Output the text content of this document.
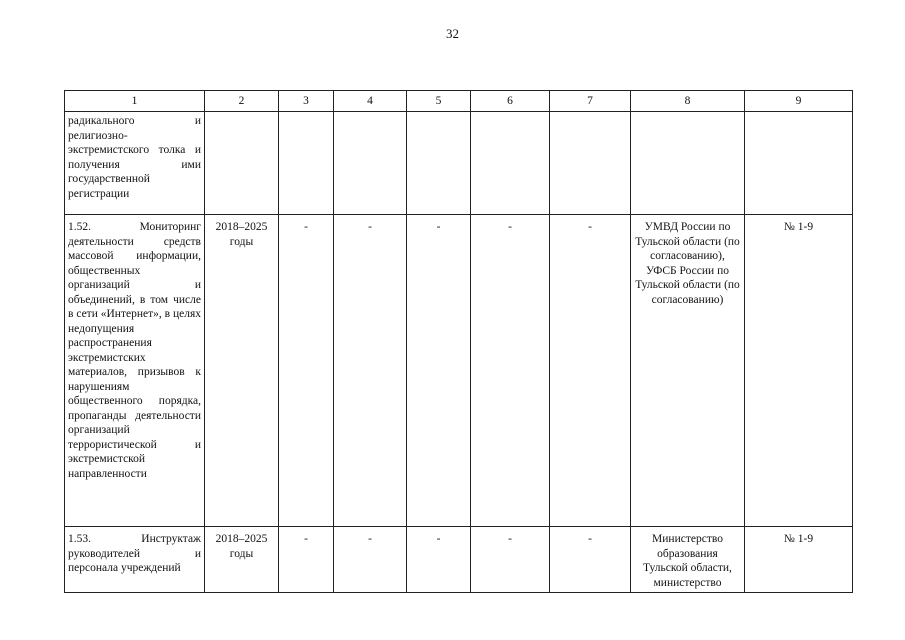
32
1	2	3	4	5	6	7	8	9
радикального и религиозно-экстремистского толка и получения ими государственной регистрации								
1.52. Мониторинг деятельности средств массовой информации, общественных организаций и объединений, в том числе в сети «Интернет», в целях недопущения распространения экстремистских материалов, призывов к нарушениям общественного порядка, пропаганды деятельности организаций террористической и экстремистской направленности	2018–2025 годы	-	-	-	-	-	УМВД России по Тульской области (по согласованию), УФСБ России по Тульской области (по согласованию)	№ 1-9
1.53. Инструктаж руководителей и персонала учреждений	2018–2025 годы	-	-	-	-	-	Министерство образования Тульской области, министерство	№ 1-9
